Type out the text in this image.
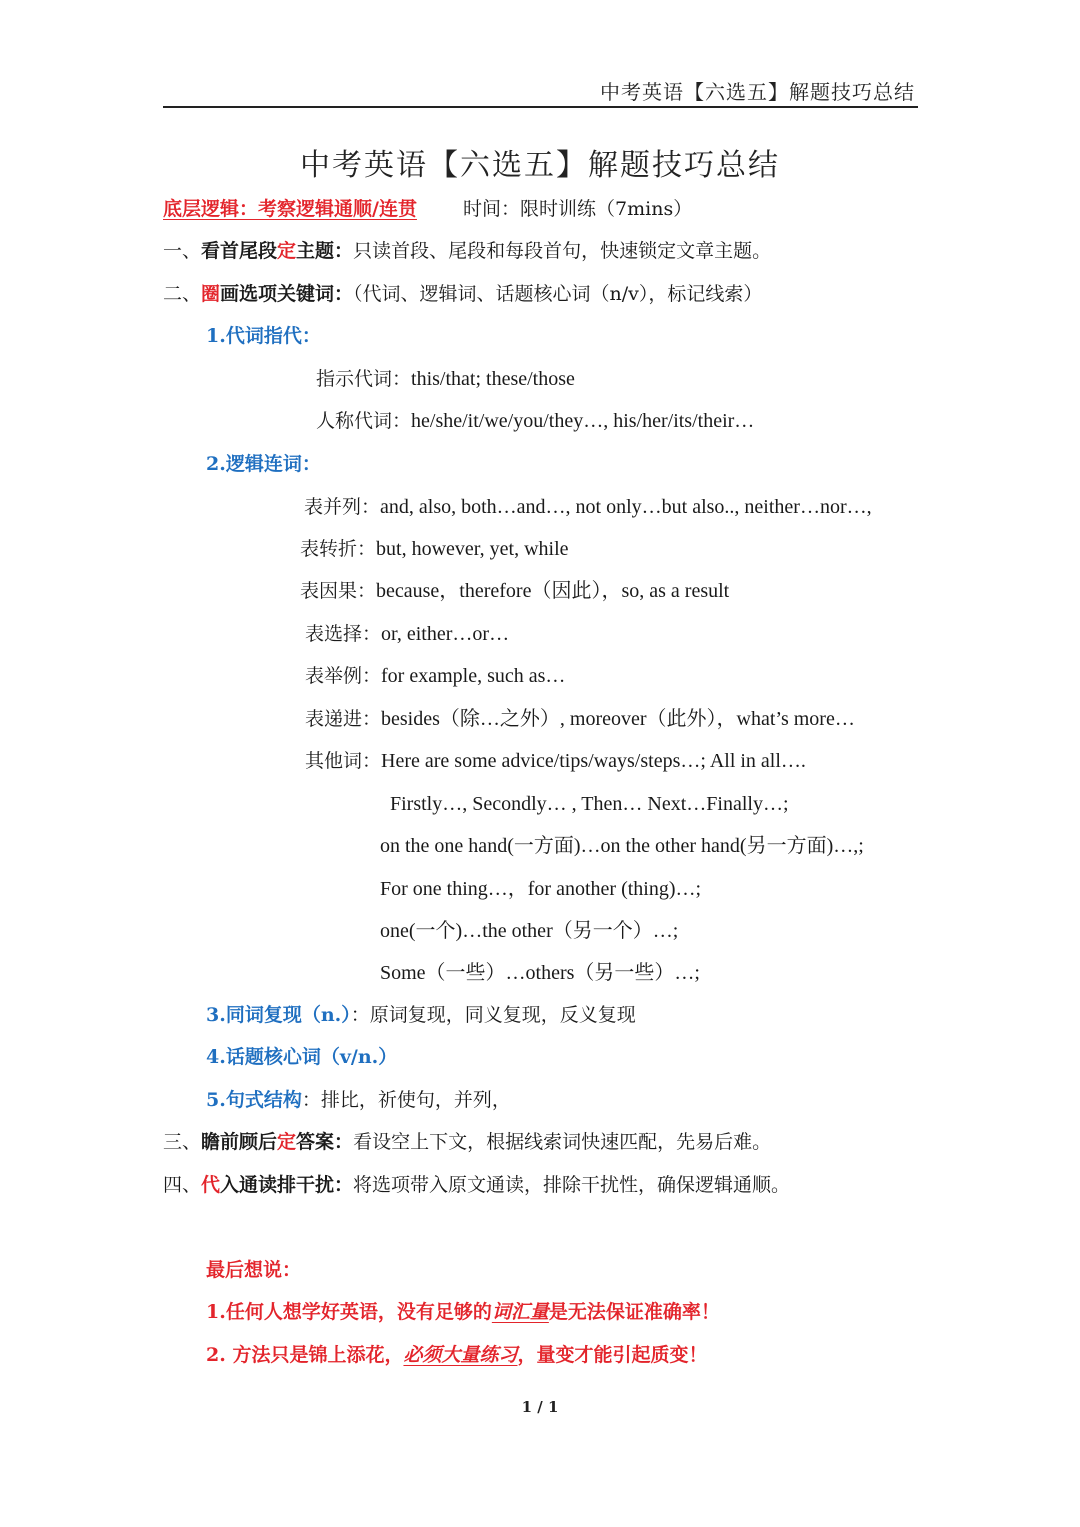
中考英语【六选五】解题技巧总结
中考英语【六选五】解题技巧总结
底层逻辑：考察逻辑通顺/连贯 时间：限时训练（7mins）
一、看首尾段定主题：只读首段、尾段和每段首句，快速锁定文章主题。
二、圈画选项关键词：（代词、逻辑词、话题核心词（n/v），标记线索）
1.代词指代：
指示代词：this/that; these/those
人称代词：he/she/it/we/you/they…, his/her/its/their…
2.逻辑连词：
表并列：and, also, both…and…, not only…but also.., neither…nor…,
表转折：but, however, yet, while
表因果：because，therefore（因此），so, as a result
表选择：or, either…or…
表举例：for example, such as…
表递进：besides（除…之外）, moreover（此外），what’s more…
其他词：Here are some advice/tips/ways/steps…; All in all….
Firstly…, Secondly… , Then… Next…Finally…;
on the one hand(一方面)…on the other hand(另一方面)…,;
For one thing…，for another (thing)…;
one(一个)…the other（另一个）…;
Some（一些）…others（另一些）…;
3.同词复现（n.）：原词复现，同义复现，反义复现
4.话题核心词（v/n.）
5.句式结构：排比，祈使句，并列，
三、瞻前顾后定答案：看设空上下文，根据线索词快速匹配，先易后难。
四、代入通读排干扰：将选项带入原文通读，排除干扰性，确保逻辑通顺。
最后想说：
1.任何人想学好英语，没有足够的词汇量是无法保证准确率！
2. 方法只是锦上添花，必须大量练习，量变才能引起质变！
1 / 1
